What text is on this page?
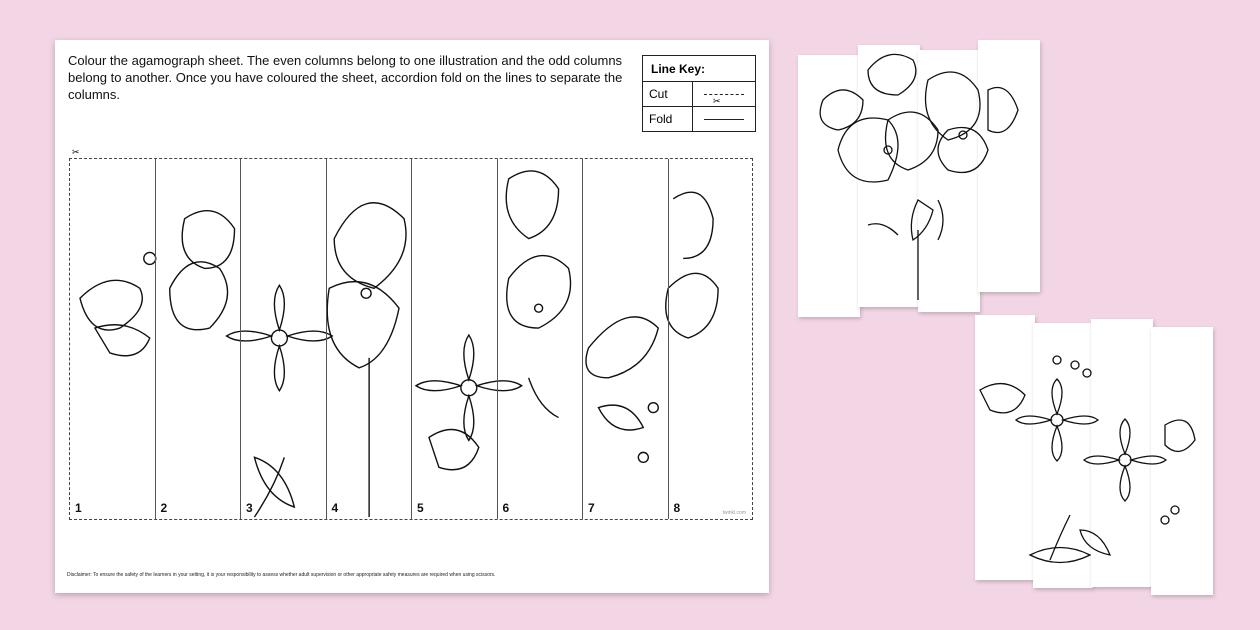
Colour the agamograph sheet. The even columns belong to one illustration and the odd columns belong to another. Once you have coloured the sheet, accordion fold on the lines to separate the columns.

Line Key:
Cut	✂
Fold
✂
1	2	3	4	5	6	7	8	twinkl.com
Disclaimer: To ensure the safety of the learners in your setting, it is your responsibility to assess whether adult supervision or other appropriate safety measures are required when using scissors.
